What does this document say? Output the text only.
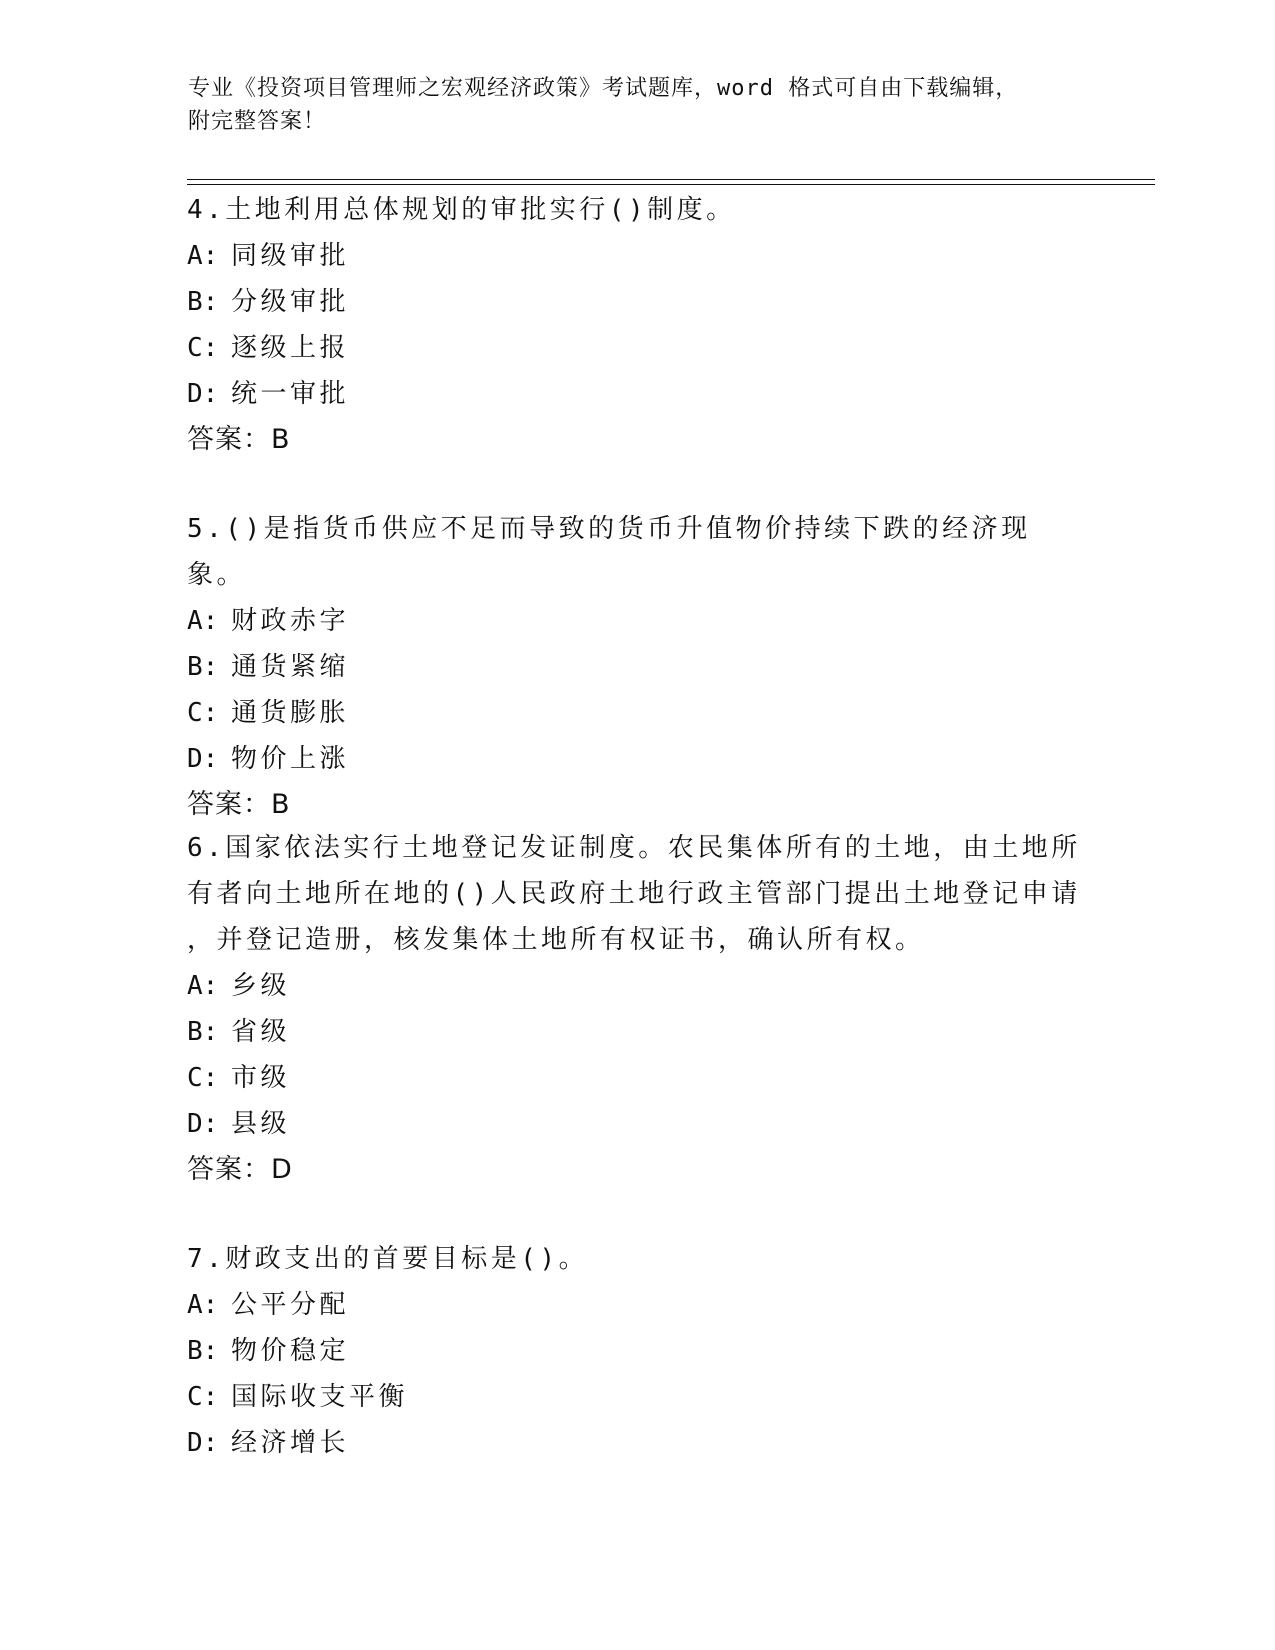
专业《投资项目管理师之宏观经济政策》考试题库，word 格式可自由下载编辑，
附完整答案！

4.土地利用总体规划的审批实行()制度。

A: 同级审批

B: 分级审批

C: 逐级上报

D: 统一审批

答案：B

5.()是指货币供应不足而导致的货币升值物价持续下跌的经济现象。

A: 财政赤字

B: 通货紧缩

C: 通货膨胀

D: 物价上涨

答案：B

6.国家依法实行土地登记发证制度。农民集体所有的土地，由土地所

有者向土地所在地的()人民政府土地行政主管部门提出土地登记申请

，并登记造册，核发集体土地所有权证书，确认所有权。

A: 乡级

B: 省级

C: 市级

D: 县级

答案：D

7.财政支出的首要目标是()。

A: 公平分配

B: 物价稳定

C: 国际收支平衡

D: 经济增长
